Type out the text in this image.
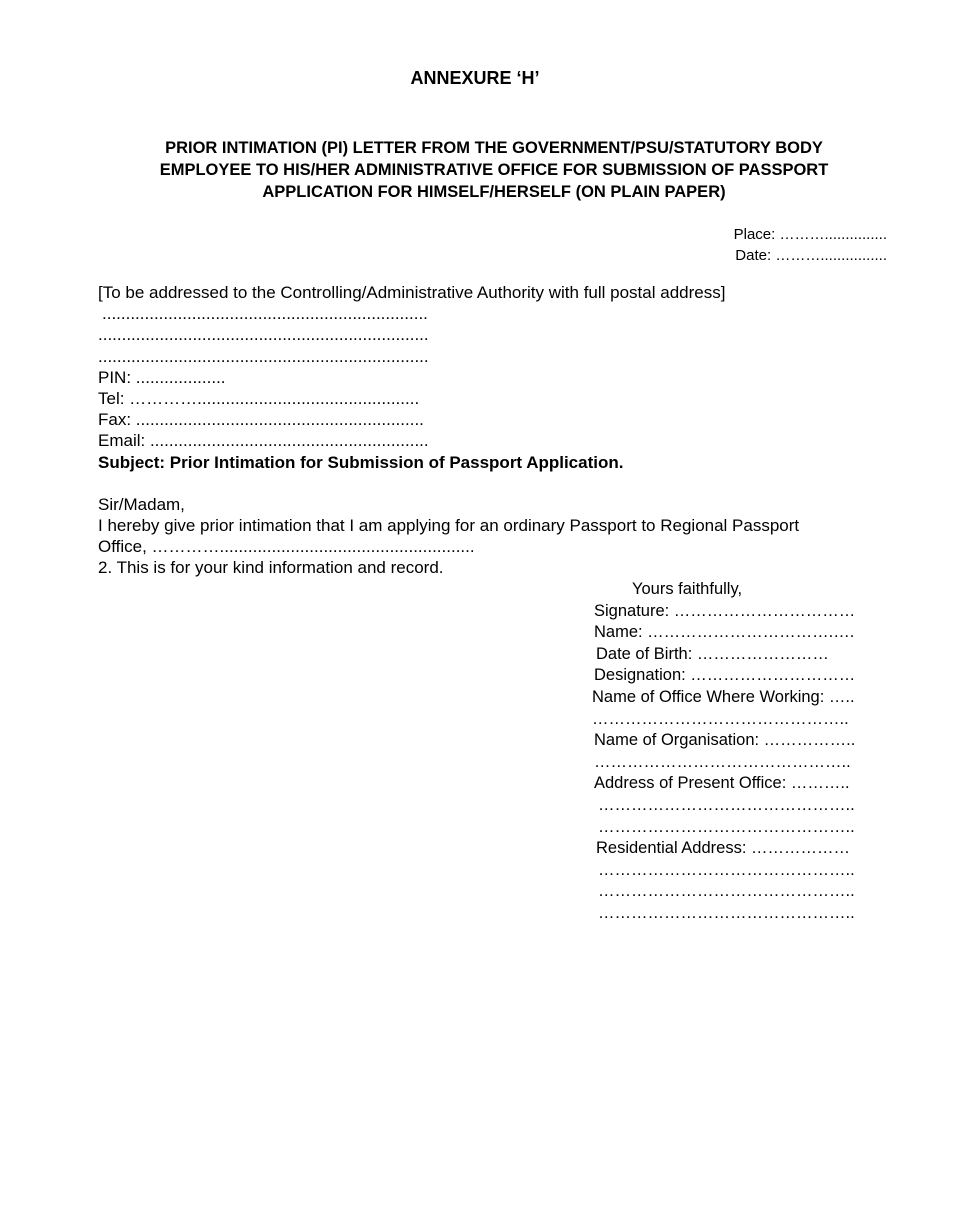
ANNEXURE ‘H’
PRIOR INTIMATION (PI) LETTER FROM THE GOVERNMENT/PSU/STATUTORY BODY
EMPLOYEE TO HIS/HER ADMINISTRATIVE OFFICE FOR SUBMISSION OF PASSPORT
APPLICATION FOR HIMSELF/HERSELF (ON PLAIN PAPER)
Place: ………...............
Date: ………................
[To be addressed to the Controlling/Administrative Authority with full postal address]
.....................................................................
......................................................................
......................................................................
PIN: ...................
Tel: …………...............................................
Fax: .............................................................
Email: ...........................................................
Subject: Prior Intimation for Submission of Passport Application.
Sir/Madam,
I hereby give prior intimation that I am applying for an ordinary Passport to Regional Passport
Office, …………......................................................
2. This is for your kind information and record.
Yours faithfully,
Signature: ……………………………
Name: …………………………….….
Date of Birth: ……………………
Designation: …………………………
Name of Office Where Working: …..
………………………………………..
Name of Organisation: ……………..
………………………………………..
Address of Present Office: ………..
………………………………………..
………………………………………..
Residential Address: ………………
………………………………………..
………………………………………..
………………………………………..
